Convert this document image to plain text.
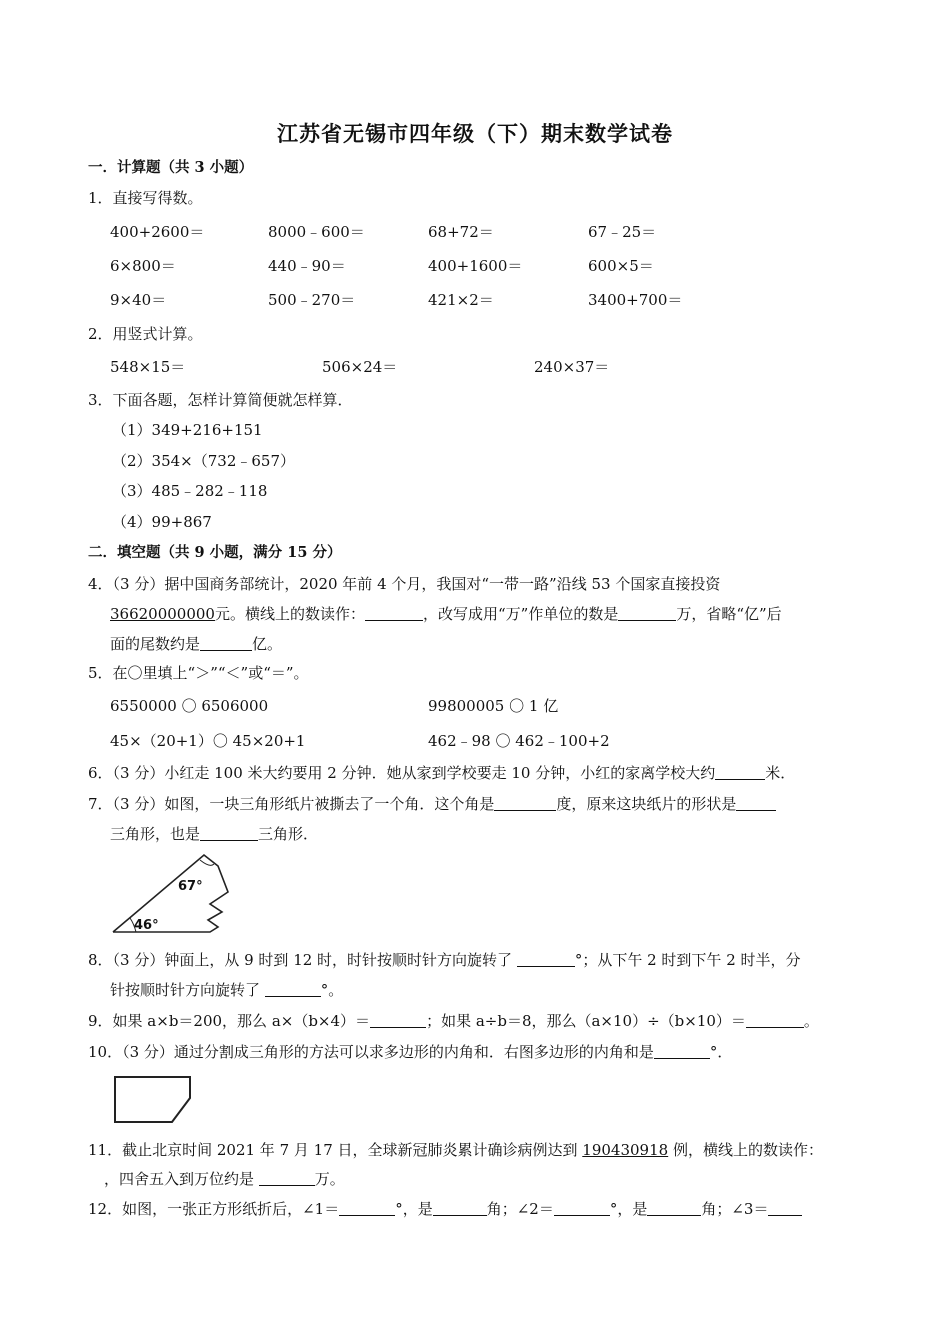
江苏省无锡市四年级（下）期末数学试卷
一．计算题（共 3 小题）
1．直接写得数。
400+2600＝	8000﹣600＝	68+72＝	67﹣25＝
6×800＝	440﹣90＝	400+1600＝	600×5＝
9×40＝	500﹣270＝	421×2＝	3400+700＝
2．用竖式计算。
548×15＝	506×24＝	240×37＝
3．下面各题，怎样计算简便就怎样算．
（1）349+216+151
（2）354×（732﹣657）
（3）485﹣282﹣118
（4）99+867
二．填空题（共 9 小题，满分 15 分）
4．（3 分）据中国商务部统计，2020 年前 4 个月，我国对“一带一路”沿线 53 个国家直接投资
36620000000元。横线上的数读作：	，改写成用“万”作单位的数是	万，省略“亿”后
面的尾数约是	亿。
5．在〇里填上“＞”“＜”或“＝”。
6550000 〇 6506000	99800005 〇 1 亿
45×（20+1）〇 45×20+1	462﹣98 〇 462﹣100+2
6．（3 分）小红走 100 米大约要用 2 分钟．她从家到学校要走 10 分钟，小红的家离学校大约	米．
7．（3 分）如图，一块三角形纸片被撕去了一个角．这个角是	度，原来这块纸片的形状是
三角形，也是	三角形．
67°
46°
8．（3 分）钟面上，从 9 时到 12 时，时针按顺时针方向旋转了	°；从下午 2 时到下午 2 时半，分
针按顺时针方向旋转了	°。
9．如果 a×b＝200，那么 a×（b×4）＝	；如果 a÷b＝8，那么（a×10）÷（b×10）＝	。
10．（3 分）通过分割成三角形的方法可以求多边形的内角和．右图多边形的内角和是	°．
11．截止北京时间 2021 年 7 月 17 日，全球新冠肺炎累计确诊病例达到 190430918 例，横线上的数读作：
，四舍五入到万位约是	万。
12．如图，一张正方形纸折后，∠1＝	°，是	角；∠2＝	°，是	角；∠3＝
